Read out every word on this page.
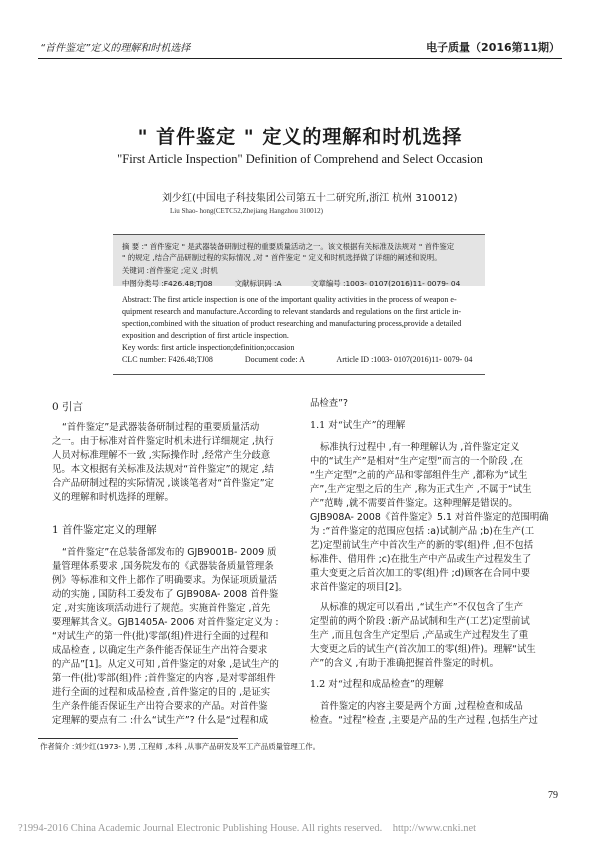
“首件鉴定”定义的理解和时机选择	电子质量（2016第11期）
" 首件鉴定 " 定义的理解和时机选择
"First Article Inspection" Definition of Comprehend and Select Occasion
刘少红(中国电子科技集团公司第五十二研究所,浙江 杭州 310012)
Liu Shao- hong(CETC52,Zhejiang Hangzhou 310012)
摘 要 :" 首件鉴定 " 是武器装备研制过程的重要质量活动之一。该文根据有关标准及法规对 " 首件鉴定
" 的规定 ,结合产品研制过程的实际情况 ,对 " 首件鉴定 " 定义和时机选择做了详细的阐述和说明。
关键词 :首件鉴定 ;定义 ;时机
中图分类号 :F426.48;TJ08　　　文献标识码 :A　　　　文章编号 :1003- 0107(2016)11- 0079- 04
Abstract: The first article inspection is one of the important quality activities in the process of weapon e-
quipment research and manufacture.According to relevant standards and regulations on the first article in-
spection,combined with the situation of product researching and manufacturing process,provide a detailed
exposition and description of first article inspection.
Key words: first article inspection;definition;occasion
CLC number: F426.48;TJ08　　　　Document code: A　　　　Article ID :1003- 0107(2016)11- 0079- 04
0 引言
“首件鉴定”是武器装备研制过程的重要质量活动
之一。由于标准对首件鉴定时机未进行详细规定 ,执行
人员对标准理解不一致 ,实际操作时 ,经常产生分歧意
见。本文根据有关标准及法规对“首件鉴定”的规定 ,结
合产品研制过程的实际情况 ,谈谈笔者对“首件鉴定”定
义的理解和时机选择的理解。
1 首件鉴定定义的理解
“首件鉴定”在总装备部发布的 GJB9001B- 2009 质
量管理体系要求 ,国务院发布的《武器装备质量管理条
例》等标准和文件上都作了明确要求。为保证项质量活
动的实施 , 国防科工委发布了 GJB908A- 2008 首件鉴
定 ,对实施该项活动进行了规范。实施首件鉴定 ,首先
要理解其含义。GJB1405A- 2006 对首件鉴定定义为 :
“对试生产的第一件(批)零部(组)件进行全面的过程和
成品检查 , 以确定生产条件能否保证生产出符合要求
的产品”[1]。从定义可知 ,首件鉴定的对象 ,是试生产的
第一件(批)零部(组)件 ;首件鉴定的内容 ,是对零部组件
进行全面的过程和成品检查 ,首件鉴定的目的 ,是证实
生产条件能否保证生产出符合要求的产品。对首件鉴
定理解的要点有二 :什么“试生产”? 什么是“过程和成
品检查”?
1.1 对“试生产”的理解
标准执行过程中 ,有一种理解认为 ,首件鉴定定义
中的“试生产”是相对“生产定型”而言的一个阶段 ,在
“生产定型”之前的产品和零部组件生产 ,都称为“试生
产”,生产定型之后的生产 ,称为正式生产 ,不属于“试生
产”范畴 ,就不需要首件鉴定。这种理解是错误的。
GJB908A- 2008《首件鉴定》5.1 对首件鉴定的范围明确
为 :“首件鉴定的范围应包括 :a)试制产品 ;b)在生产(工
艺)定型前试生产中首次生产的新的零(组)件 ,但不包括
标准件、借用件 ;c)在批生产中产品或生产过程发生了
重大变更之后首次加工的零(组)件 ;d)顾客在合同中要
求首件鉴定的项目[2]。
从标准的规定可以看出 ,“试生产”不仅包含了生产
定型前的两个阶段 :新产品试制和生产(工艺)定型前试
生产 ,而且包含生产定型后 ,产品或生产过程发生了重
大变更之后的试生产(首次加工的零(组)件)。理解“试生
产”的含义 ,有助于准确把握首件鉴定的时机。
1.2 对“过程和成品检查”的理解
首件鉴定的内容主要是两个方面 ,过程检查和成品
检查。“过程”检查 ,主要是产品的生产过程 ,包括生产过
作者简介 :刘少红(1973- ),男 ,工程师 ,本科 ,从事产品研发及军工产品质量管理工作。
79
?1994-2016 China Academic Journal Electronic Publishing House. All rights reserved.　http://www.cnki.net
